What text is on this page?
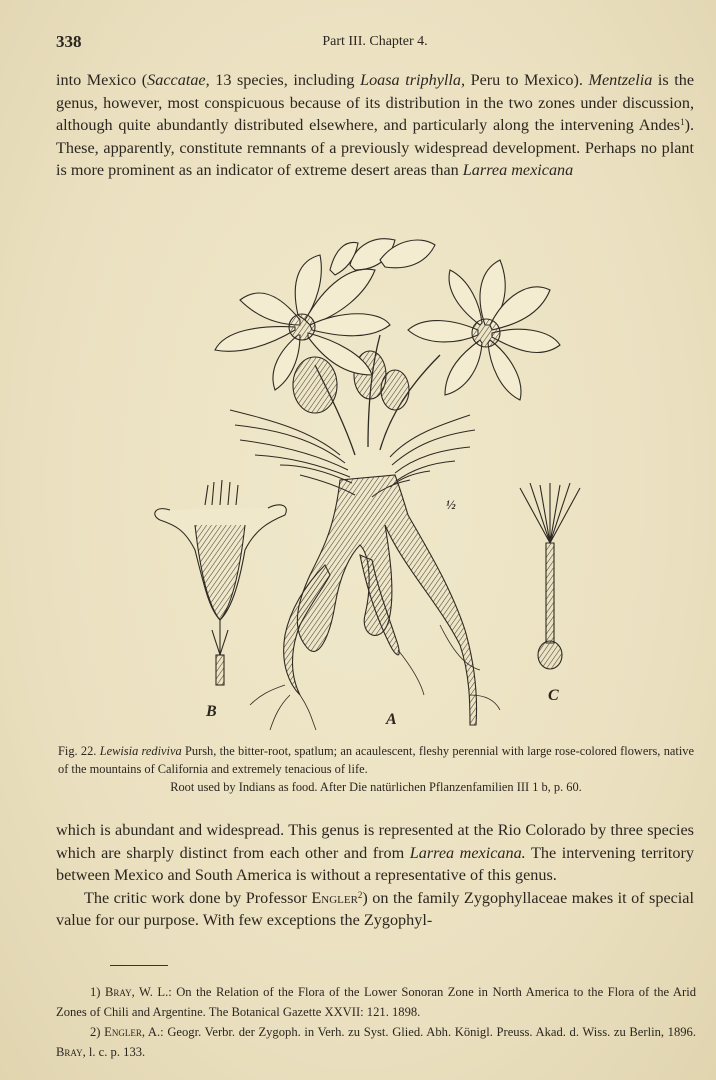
338	Part III. Chapter 4.

into Mexico (Saccatae, 13 species, including Loasa triphylla, Peru to Mexico). Mentzelia is the genus, however, most conspicuous because of its distribution in the two zones under discussion, although quite abundantly distributed elsewhere, and particularly along the intervening Andes$^1$). These, apparently, constitute remnants of a previously widespread development. Perhaps no plant is more prominent as an indicator of extreme desert areas than Larrea mexicana

B	A
C
½
Fig. 22. Lewisia rediviva Pursh, the bitter-root, spatlum; an acaulescent, fleshy perennial with large rose-colored flowers, native of the mountains of California and extremely tenacious of life.
Root used by Indians as food. After Die natürlichen Pflanzenfamilien III 1 b, p. 60.

which is abundant and widespread. This genus is represented at the Rio Colorado by three species which are sharply distinct from each other and from Larrea mexicana. The intervening territory between Mexico and South America is without a representative of this genus.

The critic work done by Professor Engler$^2$) on the family Zygophyllaceae makes it of special value for our purpose. With few exceptions the Zygophyl-

1) Bray, W. L.: On the Relation of the Flora of the Lower Sonoran Zone in North America to the Flora of the Arid Zones of Chili and Argentine. The Botanical Gazette XXVII: 121. 1898.

2) Engler, A.: Geogr. Verbr. der Zygoph. in Verh. zu Syst. Glied. Abh. Königl. Preuss. Akad. d. Wiss. zu Berlin, 1896. Bray, l. c. p. 133.
